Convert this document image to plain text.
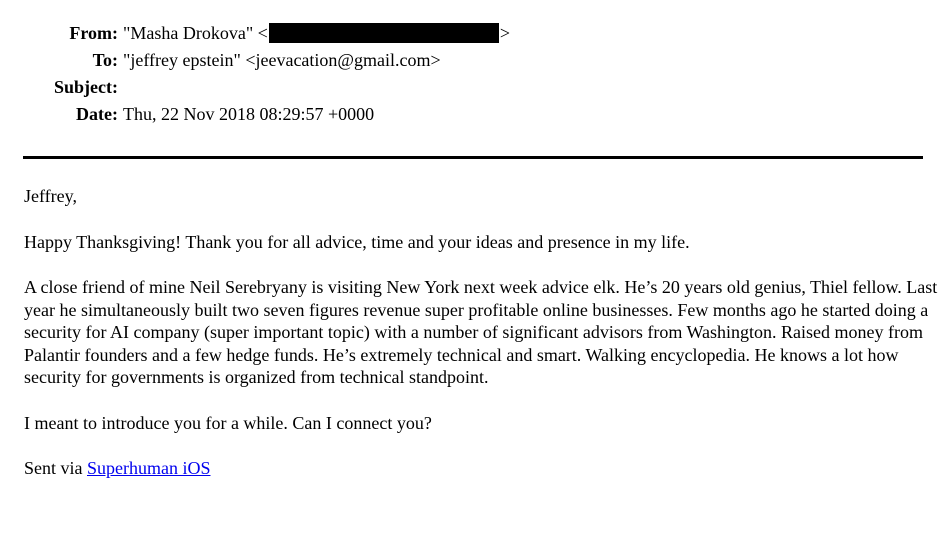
From: "Masha Drokova" <	>
To: "jeffrey epstein" <jeevacation@gmail.com>
Subject:
Date: Thu, 22 Nov 2018 08:29:57 +0000

Jeffrey,

Happy Thanksgiving! Thank you for all advice, time and your ideas and presence in my life.

A close friend of mine Neil Serebryany is visiting New York next week advice elk. He’s 20 years old genius, Thiel fellow. Last year he simultaneously built two seven figures revenue super profitable online businesses. Few months ago he started doing a security for AI company (super important topic) with a number of significant advisors from Washington. Raised money from Palantir founders and a few hedge funds. He’s extremely technical and smart. Walking encyclopedia. He knows a lot how security for governments is organized from technical standpoint.

I meant to introduce you for a while. Can I connect you?

Sent via Superhuman iOS
